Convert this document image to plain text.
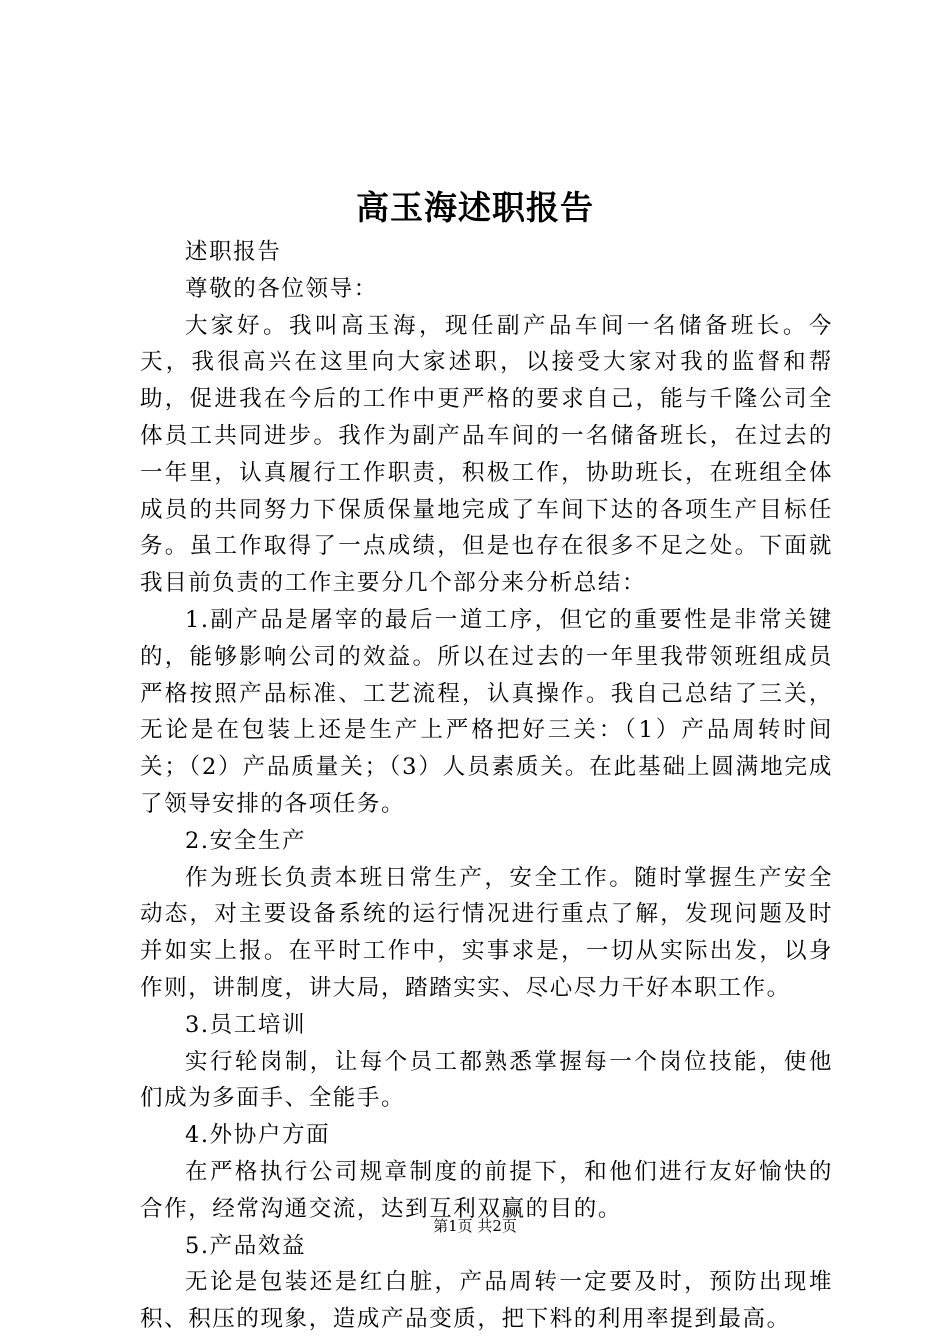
高玉海述职报告

述职报告

尊敬的各位领导：

大家好。我叫高玉海，现任副产品车间一名储备班长。今天，我很高兴在这里向大家述职，以接受大家对我的监督和帮助，促进我在今后的工作中更严格的要求自己，能与千隆公司全体员工共同进步。我作为副产品车间的一名储备班长，在过去的一年里，认真履行工作职责，积极工作，协助班长，在班组全体成员的共同努力下保质保量地完成了车间下达的各项生产目标任务。虽工作取得了一点成绩，但是也存在很多不足之处。下面就我目前负责的工作主要分几个部分来分析总结：

1.副产品是屠宰的最后一道工序，但它的重要性是非常关键的，能够影响公司的效益。所以在过去的一年里我带领班组成员严格按照产品标准、工艺流程，认真操作。我自己总结了三关，无论是在包装上还是生产上严格把好三关：（1）产品周转时间关；（2）产品质量关；（3）人员素质关。在此基础上圆满地完成了领导安排的各项任务。

2.安全生产

作为班长负责本班日常生产，安全工作。随时掌握生产安全动态，对主要设备系统的运行情况进行重点了解，发现问题及时并如实上报。在平时工作中，实事求是，一切从实际出发，以身作则，讲制度，讲大局，踏踏实实、尽心尽力干好本职工作。

3.员工培训

实行轮岗制，让每个员工都熟悉掌握每一个岗位技能，使他们成为多面手、全能手。

4.外协户方面

在严格执行公司规章制度的前提下，和他们进行友好愉快的合作，经常沟通交流，达到互利双赢的目的。

5.产品效益

无论是包装还是红白脏，产品周转一定要及时，预防出现堆积、积压的现象，造成产品变质，把下料的利用率提到最高。

第1页 共2页
